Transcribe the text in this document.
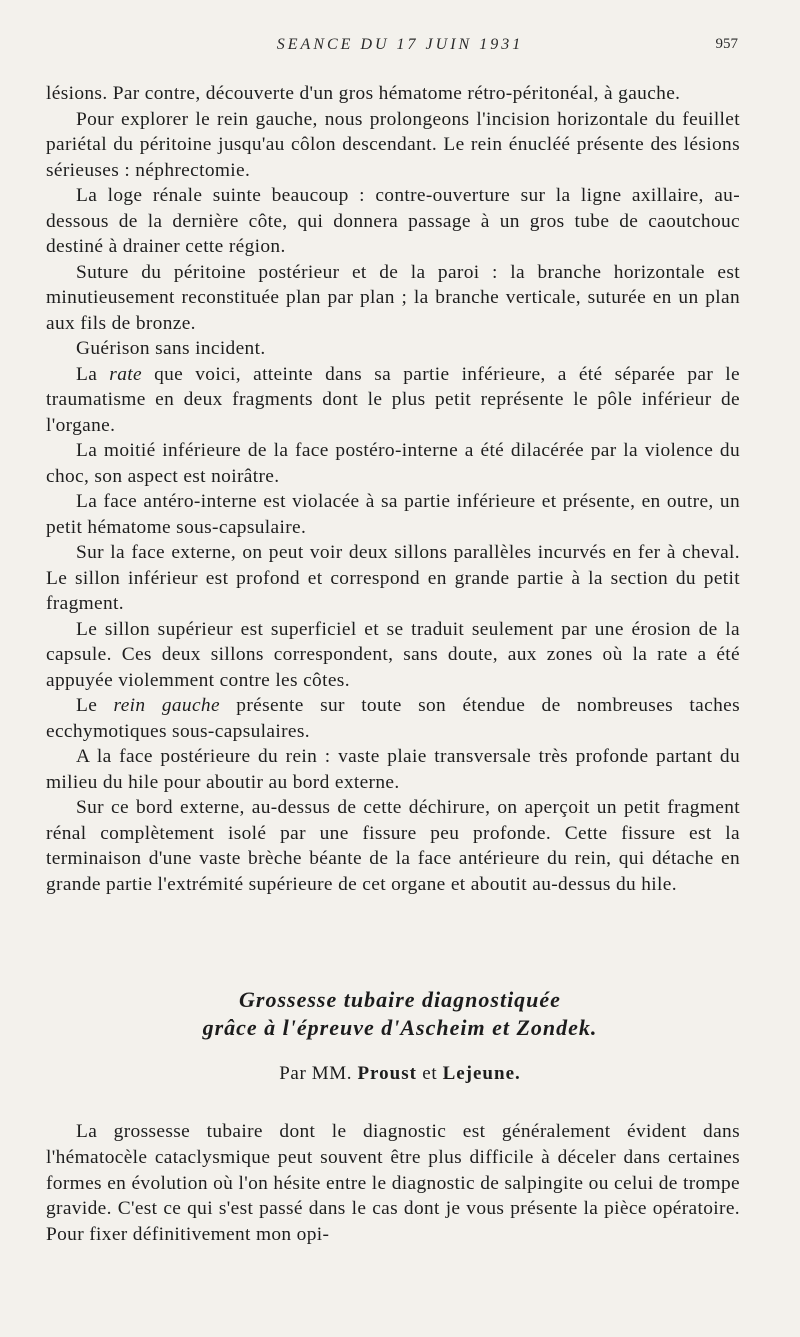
SEANCE DU 17 JUIN 1931	957

lésions. Par contre, découverte d'un gros hématome rétro-péritonéal, à gauche.

Pour explorer le rein gauche, nous prolongeons l'incision horizontale du feuillet pariétal du péritoine jusqu'au côlon descendant. Le rein énucléé présente des lésions sérieuses : néphrectomie.

La loge rénale suinte beaucoup : contre-ouverture sur la ligne axillaire, au-dessous de la dernière côte, qui donnera passage à un gros tube de caoutchouc destiné à drainer cette région.

Suture du péritoine postérieur et de la paroi : la branche horizontale est minutieusement reconstituée plan par plan ; la branche verticale, suturée en un plan aux fils de bronze.

Guérison sans incident.

La rate que voici, atteinte dans sa partie inférieure, a été séparée par le traumatisme en deux fragments dont le plus petit représente le pôle inférieur de l'organe.

La moitié inférieure de la face postéro-interne a été dilacérée par la violence du choc, son aspect est noirâtre.

La face antéro-interne est violacée à sa partie inférieure et présente, en outre, un petit hématome sous-capsulaire.

Sur la face externe, on peut voir deux sillons parallèles incurvés en fer à cheval. Le sillon inférieur est profond et correspond en grande partie à la section du petit fragment.

Le sillon supérieur est superficiel et se traduit seulement par une érosion de la capsule. Ces deux sillons correspondent, sans doute, aux zones où la rate a été appuyée violemment contre les côtes.

Le rein gauche présente sur toute son étendue de nombreuses taches ecchymotiques sous-capsulaires.

A la face postérieure du rein : vaste plaie transversale très profonde partant du milieu du hile pour aboutir au bord externe.

Sur ce bord externe, au-dessus de cette déchirure, on aperçoit un petit fragment rénal complètement isolé par une fissure peu profonde. Cette fissure est la terminaison d'une vaste brèche béante de la face antérieure du rein, qui détache en grande partie l'extrémité supérieure de cet organe et aboutit au-dessus du hile.

Grossesse tubaire diagnostiquée

grâce à l'épreuve d'Ascheim et Zondek.

Par MM. Proust et Lejeune.

La grossesse tubaire dont le diagnostic est généralement évident dans l'hématocèle cataclysmique peut souvent être plus difficile à déceler dans certaines formes en évolution où l'on hésite entre le diagnostic de salpingite ou celui de trompe gravide. C'est ce qui s'est passé dans le cas dont je vous présente la pièce opératoire. Pour fixer définitivement mon opi-
